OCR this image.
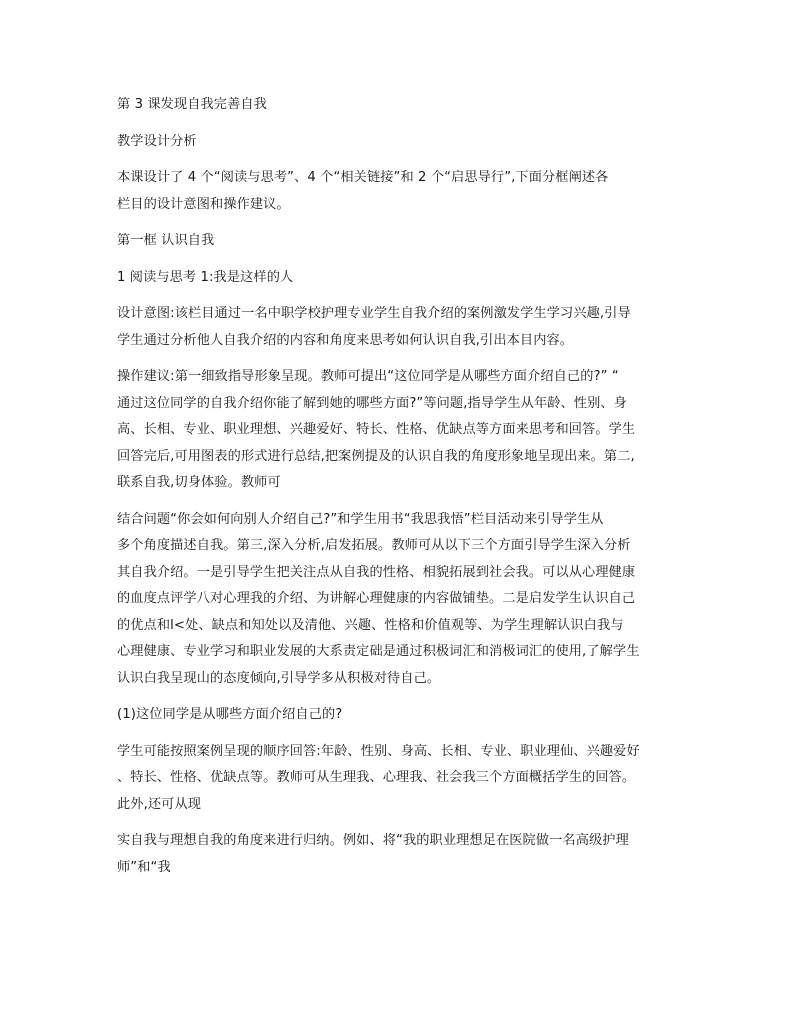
第 3 课发现自我完善自我

教学设计分析

本课设计了 4 个“阅读与思考”、4 个“相关链接”和 2 个“启思导行”,下面分框阐述各
栏目的设计意图和操作建议。

第一框 认识自我

1 阅读与思考 1:我是这样的人

设计意图:该栏目通过一名中职学校护理专业学生自我介绍的案例激发学生学习兴趣,引导
学生通过分析他人自我介绍的内容和角度来思考如何认识自我,引出本目内容。

操作建议:第一细致指导形象呈现。教师可提出“这位同学是从哪些方面介绍自己的?” “
通过这位同学的自我介绍你能了解到她的哪些方面?”等问题,指导学生从年龄、性别、身
高、长相、专业、职业理想、兴趣爱好、特长、性格、优缺点等方面来思考和回答。学生
回答完后,可用图表的形式进行总结,把案例提及的认识自我的角度形象地呈现出来。第二,
联系自我,切身体验。教师可

结合问题“你会如何向别人介绍自己?”和学生用书“我思我悟”栏目活动来引导学生从
多个角度描述自我。第三,深入分析,启发拓展。教师可从以下三个方面引导学生深入分析
其自我介绍。一是引导学生把关注点从自我的性格、相貌拓展到社会我。可以从心理健康
的血度点评学八对心理我的介绍、为讲解心理健康的内容做铺垫。二是启发学生认识自己
的优点和l<处、缺点和知处以及清他、兴趣、性格和价值观等、为学生理解认识白我与
心理健康、专业学习和职业发展的大系责定础是通过积极词汇和消极词汇的使用,了解学生
认识白我呈现山的态度倾向,引导学多从积极对待自己。

(1)这位同学是从哪些方面介绍自己的?

学生可能按照案例呈现的顺序回答:年龄、性别、身高、长相、专业、职业理仙、兴趣爱好
、特长、性格、优缺点等。教师可从生理我、心理我、社会我三个方面概括学生的回答。
此外,还可从现

实自我与理想自我的角度来进行归纳。例如、将“我的职业理想足在医院做一名高级护理
师”和“我
